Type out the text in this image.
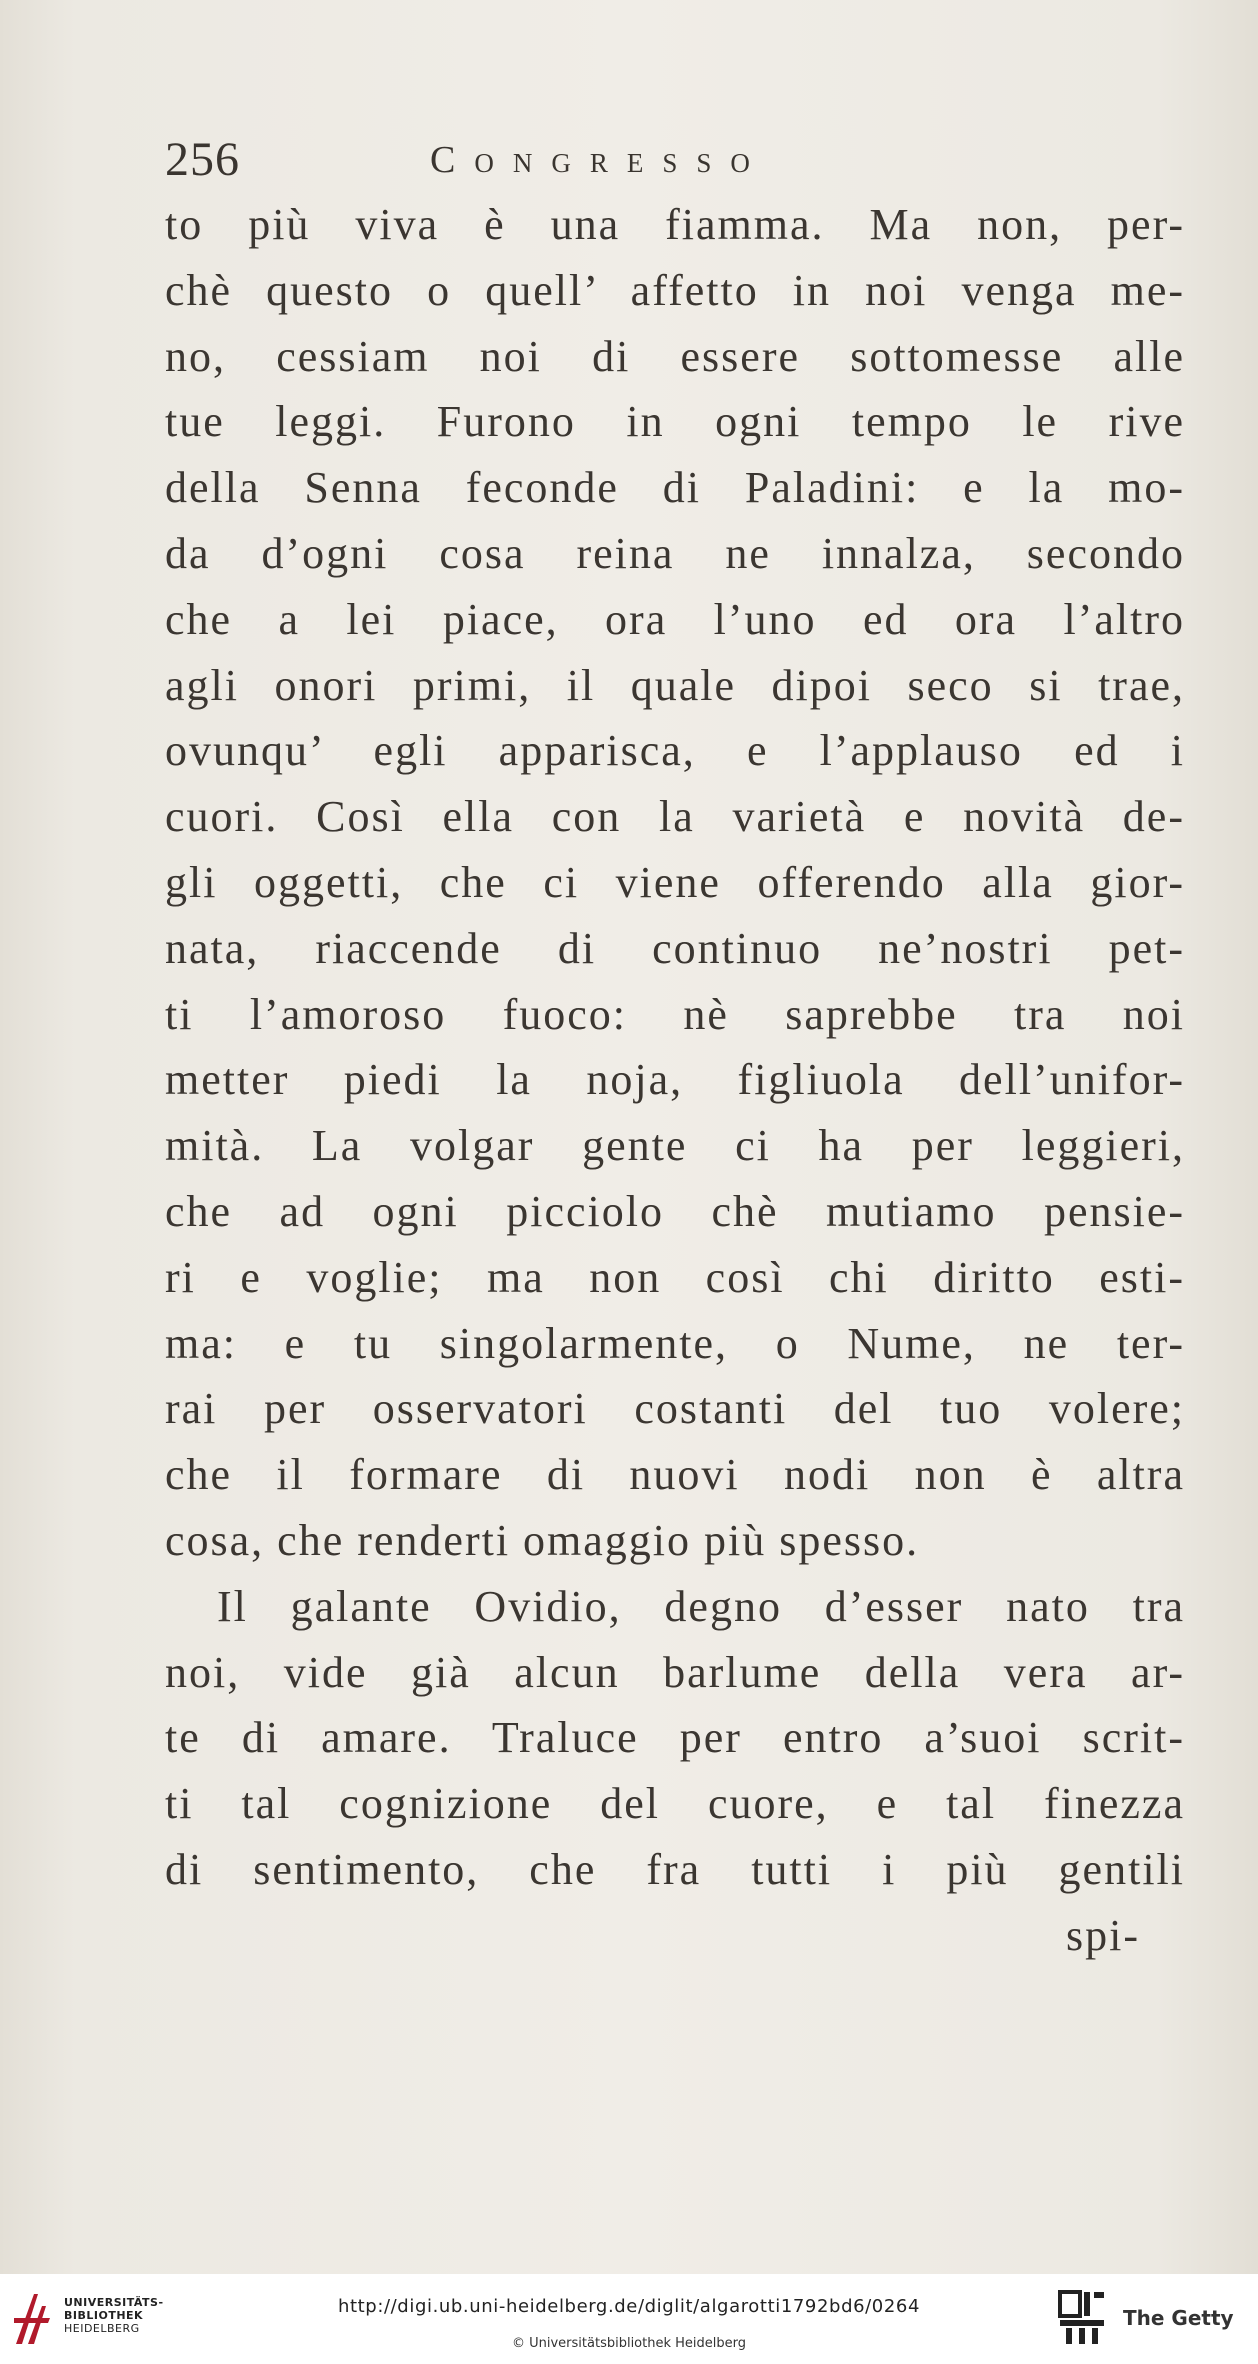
256	Congresso
to più viva è una fiamma. Ma non, per-
chè questo o quell’ affetto in noi venga me-
no, cessiam noi di essere sottomesse alle
tue leggi. Furono in ogni tempo le rive
della Senna feconde di Paladini: e la mo-
da d’ogni cosa reina ne innalza, secondo
che a lei piace, ora l’uno ed ora l’altro
agli onori primi, il quale dipoi seco si trae,
ovunqu’ egli apparisca, e l’applauso ed i
cuori. Così ella con la varietà e novità de-
gli oggetti, che ci viene offerendo alla gior-
nata, riaccende di continuo ne’nostri pet-
ti l’amoroso fuoco: nè saprebbe tra noi
metter piedi la noja, figliuola dell’unifor-
mità. La volgar gente ci ha per leggieri,
che ad ogni picciolo chè mutiamo pensie-
ri e voglie; ma non così chi diritto esti-
ma: e tu singolarmente, o Nume, ne ter-
rai per osservatori costanti del tuo volere;
che il formare di nuovi nodi non è altra
cosa, che renderti omaggio più spesso.
Il galante Ovidio, degno d’esser nato tra
noi, vide già alcun barlume della vera ar-
te di amare. Traluce per entro a’suoi scrit-
ti tal cognizione del cuore, e tal finezza
di sentimento, che fra tutti i più gentili
spi-
UNIVERSITÄTS-
BIBLIOTHEK
HEIDELBERG
http://digi.ub.uni-heidelberg.de/diglit/algarotti1792bd6/0264
© Universitätsbibliothek Heidelberg
The Getty
